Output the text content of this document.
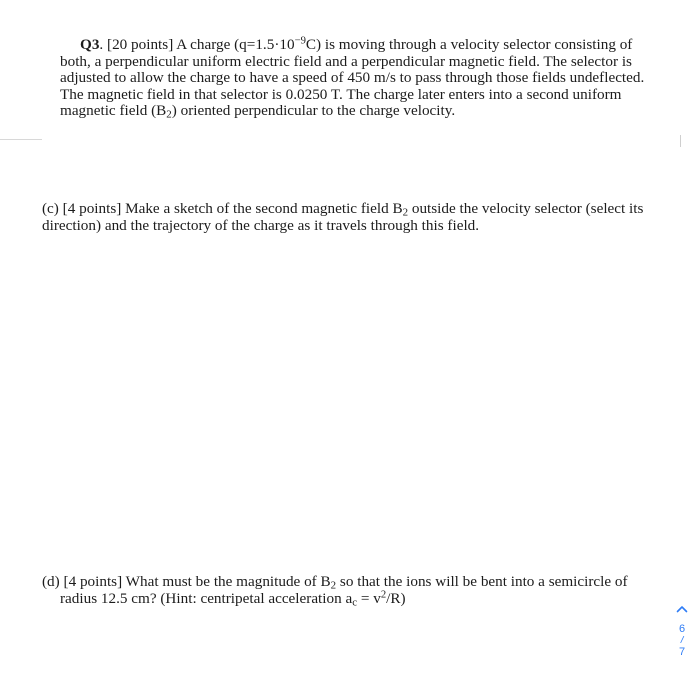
Q3. [20 points] A charge $(q=1.5\cdot 10^{-9}C)$ is moving through a velocity selector consisting of both, a perpendicular uniform electric field and a perpendicular magnetic field. The selector is adjusted to allow the charge to have a speed of 450 m/s to pass through those fields undeflected. The magnetic field in that selector is 0.0250 T. The charge later enters into a second uniform magnetic field $(B_2)$ oriented perpendicular to the charge velocity.

(c) [4 points] Make a sketch of the second magnetic field $B_2$ outside the velocity selector (select its direction) and the trajectory of the charge as it travels through this field.

(d) [4 points] What must be the magnitude of $B_2$ so that the ions will be bent into a semicircle of
radius 12.5 cm? (Hint: centripetal acceleration $a_c = v^2/R$)

6
/
7
